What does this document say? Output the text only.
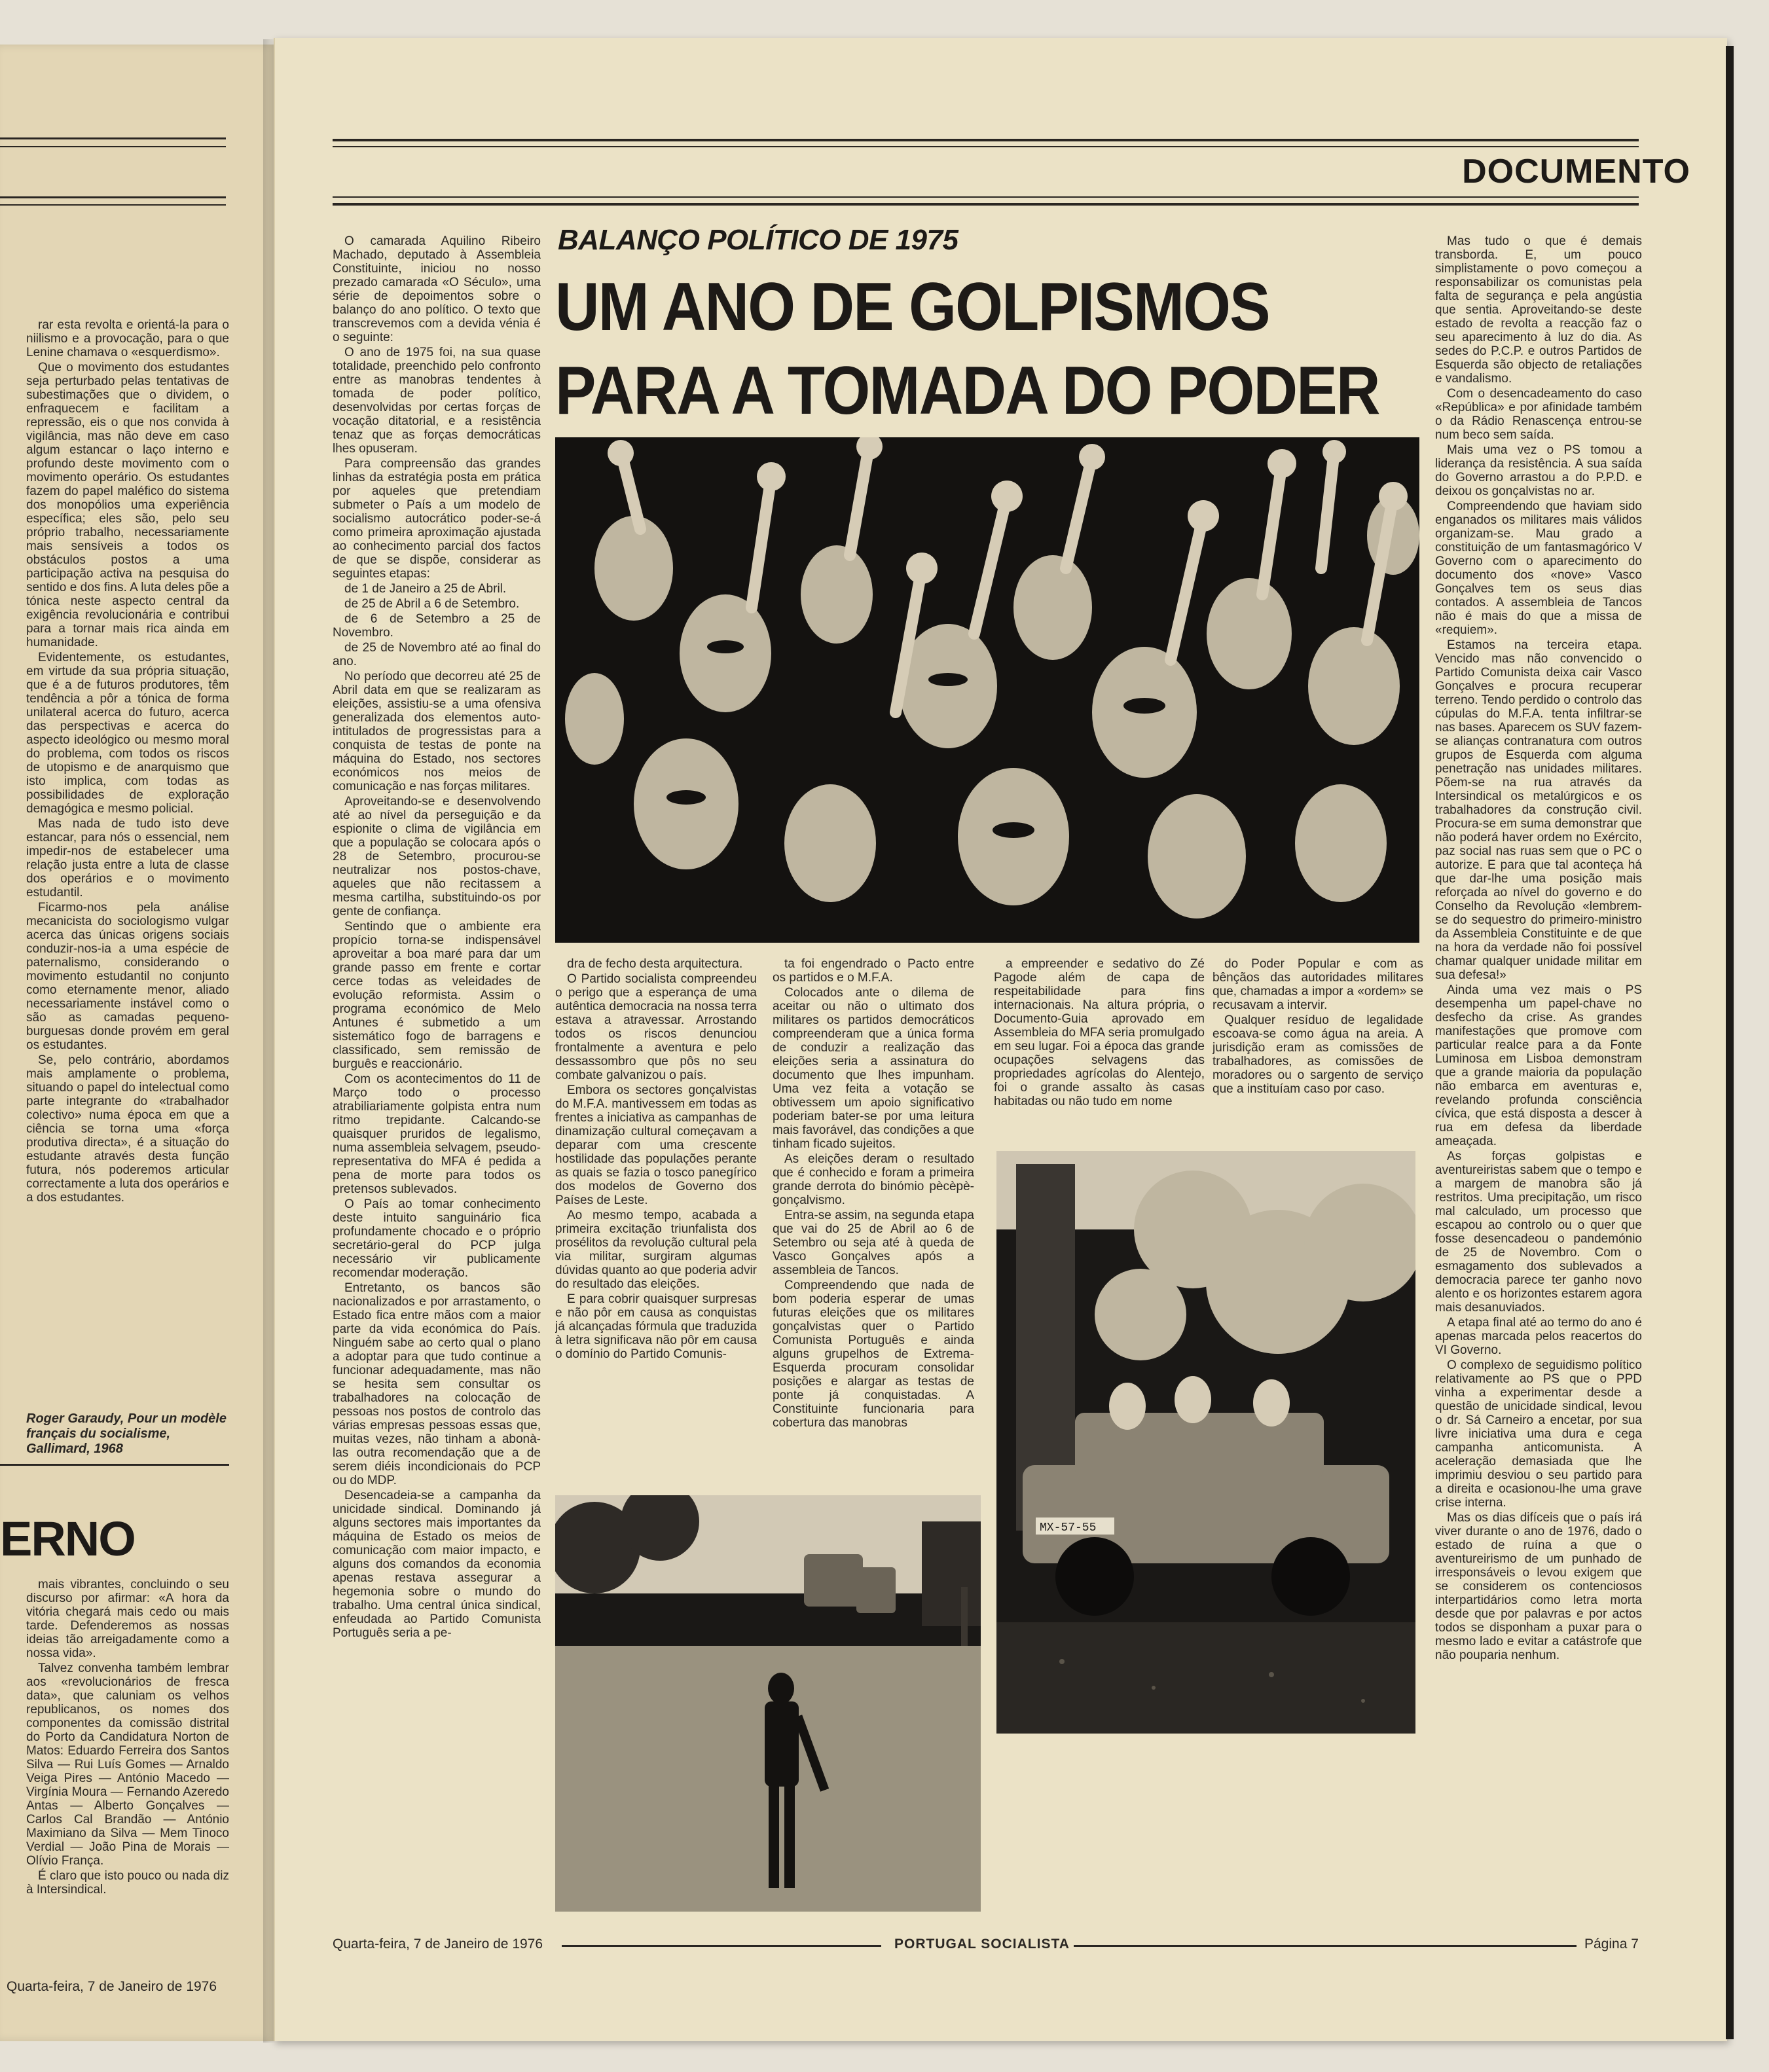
rar esta revolta e orientá-la para o niilismo e a provocação, para o que Lenine chamava o «esquerdismo».

Que o movimento dos estudantes seja perturbado pelas tentativas de subestimações que o dividem, o enfraquecem e facilitam a repressão, eis o que nos convida à vigilância, mas não deve em caso algum estancar o laço interno e profundo deste movimento com o movimento operário. Os estudantes fazem do papel maléfico do sistema dos monopólios uma experiência específica; eles são, pelo seu próprio trabalho, necessariamente mais sensíveis a todos os obstáculos postos a uma participação activa na pesquisa do sentido e dos fins. A luta deles põe a tónica neste aspecto central da exigência revolucionária e contribui para a tornar mais rica ainda em humanidade.

Evidentemente, os estudantes, em virtude da sua própria situação, que é a de futuros produtores, têm tendência a pôr a tónica de forma unilateral acerca do futuro, acerca das perspectivas e acerca do aspecto ideológico ou mesmo moral do problema, com todos os riscos de utopismo e de anarquismo que isto implica, com todas as possibilidades de exploração demagógica e mesmo policial.

Mas nada de tudo isto deve estancar, para nós o essencial, nem impedir-nos de estabelecer uma relação justa entre a luta de classe dos operários e o movimento estudantil.

Ficarmo-nos pela análise mecanicista do sociologismo vulgar acerca das únicas origens sociais conduzir-nos-ia a uma espécie de paternalismo, considerando o movimento estudantil no conjunto como eternamente menor, aliado necessariamente instável como o são as camadas pequeno-burguesas donde provém em geral os estudantes.

Se, pelo contrário, abordamos mais amplamente o problema, situando o papel do intelectual como parte integrante do «trabalhador colectivo» numa época em que a ciência se torna uma «força produtiva directa», é a situação do estudante através desta função futura, nós poderemos articular correctamente a luta dos operários e a dos estudantes.

Roger Garaudy, Pour un modèle français du socialisme, Gallimard, 1968
ERNO

mais vibrantes, concluindo o seu discurso por afirmar: «A hora da vitória chegará mais cedo ou mais tarde. Defenderemos as nossas ideias tão arreigadamente como a nossa vida».

Talvez convenha também lembrar aos «revolucionários de fresca data», que caluniam os velhos republicanos, os nomes dos componentes da comissão distrital do Porto da Candidatura Norton de Matos: Eduardo Ferreira dos Santos Silva — Rui Luís Gomes — Arnaldo Veiga Pires — António Macedo — Virgínia Moura — Fernando Azeredo Antas — Alberto Gonçalves — Carlos Cal Brandão — António Maximiano da Silva — Mem Tinoco Verdial — João Pina de Morais — Olívio França.

É claro que isto pouco ou nada diz à Intersindical.

Quarta-feira, 7 de Janeiro de 1976
DOCUMENTO
BALANÇO POLÍTICO DE 1975
UM ANO DE GOLPISMOS
PARA A TOMADA DO PODER

O camarada Aquilino Ribeiro Machado, deputado à Assembleia Constituinte, iniciou no nosso prezado camarada «O Século», uma série de depoimentos sobre o balanço do ano político. O texto que transcrevemos com a devida vénia é o seguinte:

O ano de 1975 foi, na sua quase totalidade, preenchido pelo confronto entre as manobras tendentes à tomada de poder político, desenvolvidas por certas forças de vocação ditatorial, e a resistência tenaz que as forças democráticas lhes opuseram.

Para compreensão das grandes linhas da estratégia posta em prática por aqueles que pretendiam submeter o País a um modelo de socialismo autocrático poder-se-á como primeira aproximação ajustada ao conhecimento parcial dos factos de que se dispõe, considerar as seguintes etapas:

de 1 de Janeiro a 25 de Abril.

de 25 de Abril a 6 de Setembro.

de 6 de Setembro a 25 de Novembro.

de 25 de Novembro até ao final do ano.

No período que decorreu até 25 de Abril data em que se realizaram as eleições, assistiu-se a uma ofensiva generalizada dos elementos auto-intitulados de progressistas para a conquista de testas de ponte na máquina do Estado, nos sectores económicos nos meios de comunicação e nas forças militares.

Aproveitando-se e desenvolvendo até ao nível da perseguição e da espionite o clima de vigilância em que a população se colocara após o 28 de Setembro, procurou-se neutralizar nos postos-chave, aqueles que não recitassem a mesma cartilha, substituindo-os por gente de confiança.

Sentindo que o ambiente era propício torna-se indispensável aproveitar a boa maré para dar um grande passo em frente e cortar cerce todas as veleidades de evolução reformista. Assim o programa económico de Melo Antunes é submetido a um sistemático fogo de barragens e classificado, sem remissão de burguês e reaccionário.

Com os acontecimentos do 11 de Março todo o processo atrabiliariamente golpista entra num ritmo trepidante. Calcando-se quaisquer pruridos de legalismo, numa assembleia selvagem, pseudo-representativa do MFA é pedida a pena de morte para todos os pretensos sublevados.

O País ao tomar conhecimento deste intuito sanguinário fica profundamente chocado e o próprio secretário-geral do PCP julga necessário vir publicamente recomendar moderação.

Entretanto, os bancos são nacionalizados e por arrastamento, o Estado fica entre mãos com a maior parte da vida económica do País. Ninguém sabe ao certo qual o plano a adoptar para que tudo continue a funcionar adequadamente, mas não se hesita sem consultar os trabalhadores na colocação de pessoas nos postos de controlo das várias empresas pessoas essas que, muitas vezes, não tinham a abonà-las outra recomendação que a de serem diéis incondicionais do PCP ou do MDP.

Desencadeia-se a campanha da unicidade sindical. Dominando já alguns sectores mais importantes da máquina de Estado os meios de comunicação com maior impacto, e alguns dos comandos da economia apenas restava assegurar a hegemonia sobre o mundo do trabalho. Uma central única sindical, enfeudada ao Partido Comunista Português seria a pe-

dra de fecho desta arquitectura.

O Partido socialista compreendeu o perigo que a esperança de uma autêntica democracia na nossa terra estava a atravessar. Arrostando todos os riscos denunciou frontalmente a aventura e pelo dessassombro que pôs no seu combate galvanizou o país.

Embora os sectores gonçalvistas do M.F.A. mantivessem em todas as frentes a iniciativa as campanhas de dinamização cultural começavam a deparar com uma crescente hostilidade das populações perante as quais se fazia o tosco panegírico dos modelos de Governo dos Países de Leste.

Ao mesmo tempo, acabada a primeira excitação triunfalista dos prosélitos da revolução cultural pela via militar, surgiram algumas dúvidas quanto ao que poderia advir do resultado das eleições.

E para cobrir quaisquer surpresas e não pôr em causa as conquistas já alcançadas fórmula que traduzida à letra significava não pôr em causa o domínio do Partido Comunis-

ta foi engendrado o Pacto entre os partidos e o M.F.A.

Colocados ante o dilema de aceitar ou não o ultimato dos militares os partidos democráticos compreenderam que a única forma de conduzir a realização das eleições seria a assinatura do documento que lhes impunham. Uma vez feita a votação se obtivessem um apoio significativo poderiam bater-se por uma leitura mais favorável, das condições a que tinham ficado sujeitos.

As eleições deram o resultado que é conhecido e foram a primeira grande derrota do binómio pècèpè-gonçalvismo.

Entra-se assim, na segunda etapa que vai do 25 de Abril ao 6 de Setembro ou seja até à queda de Vasco Gonçalves após a assembleia de Tancos.

Compreendendo que nada de bom poderia esperar de umas futuras eleições que os militares gonçalvistas quer o Partido Comunista Português e ainda alguns grupelhos de Extrema-Esquerda procuram consolidar posições e alargar as testas de ponte já conquistadas. A Constituinte funcionaria para cobertura das manobras

a empreender e sedativo do Zé Pagode além de capa de respeitabilidade para fins internacionais. Na altura própria, o Documento-Guia aprovado em Assembleia do MFA seria promulgado em seu lugar. Foi a época das grande ocupações selvagens das propriedades agrícolas do Alentejo, foi o grande assalto às casas habitadas ou não tudo em nome

do Poder Popular e com as bênçãos das autoridades militares que, chamadas a impor a «ordem» se recusavam a intervir.

Qualquer resíduo de legalidade escoava-se como água na areia. A jurisdição eram as comissões de trabalhadores, as comissões de moradores ou o sargento de serviço que a instituíam caso por caso.

MX-57-55

Mas tudo o que é demais transborda. E, um pouco simplistamente o povo começou a responsabilizar os comunistas pela falta de segurança e pela angústia que sentia. Aproveitando-se deste estado de revolta a reacção faz o seu aparecimento à luz do dia. As sedes do P.C.P. e outros Partidos de Esquerda são objecto de retaliações e vandalismo.

Com o desencadeamento do caso «República» e por afinidade também o da Rádio Renascença entrou-se num beco sem saída.

Mais uma vez o PS tomou a liderança da resistência. A sua saída do Governo arrastou a do P.P.D. e deixou os gonçalvistas no ar.

Compreendendo que haviam sido enganados os militares mais válidos organizam-se. Mau grado a constituição de um fantasmagórico V Governo com o aparecimento do documento dos «nove» Vasco Gonçalves tem os seus dias contados. A assembleia de Tancos não é mais do que a missa de «requiem».

Estamos na terceira etapa. Vencido mas não convencido o Partido Comunista deixa cair Vasco Gonçalves e procura recuperar terreno. Tendo perdido o controlo das cúpulas do M.F.A. tenta infiltrar-se nas bases. Aparecem os SUV fazem-se alianças contranatura com outros grupos de Esquerda com alguma penetração nas unidades militares. Põem-se na rua através da Intersindical os metalúrgicos e os trabalhadores da construção civil. Procura-se em suma demonstrar que não poderá haver ordem no Exército, paz social nas ruas sem que o PC o autorize. E para que tal aconteça há que dar-lhe uma posição mais reforçada ao nível do governo e do Conselho da Revolução «lembrem-se do sequestro do primeiro-ministro da Assembleia Constituinte e de que na hora da verdade não foi possível chamar qualquer unidade militar em sua defesa!»

Ainda uma vez mais o PS desempenha um papel-chave no desfecho da crise. As grandes manifestações que promove com particular realce para a da Fonte Luminosa em Lisboa demonstram que a grande maioria da população não embarca em aventuras e, revelando profunda consciência cívica, que está disposta a descer à rua em defesa da liberdade ameaçada.

As forças golpistas e aventureiristas sabem que o tempo e a margem de manobra são já restritos. Uma precipitação, um risco mal calculado, um processo que escapou ao controlo ou o quer que fosse desencadeou o pandemónio de 25 de Novembro. Com o esmagamento dos sublevados a democracia parece ter ganho novo alento e os horizontes estarem agora mais desanuviados.

A etapa final até ao termo do ano é apenas marcada pelos reacertos do VI Governo.

O complexo de seguidismo político relativamente ao PS que o PPD vinha a experimentar desde a questão de unicidade sindical, levou o dr. Sá Carneiro a encetar, por sua livre iniciativa uma dura e cega campanha anticomunista. A aceleração demasiada que lhe imprimiu desviou o seu partido para a direita e ocasionou-lhe uma grave crise interna.

Mas os dias difíceis que o país irá viver durante o ano de 1976, dado o estado de ruína a que o aventureirismo de um punhado de irresponsáveis o levou exigem que se considerem os contenciosos interpartidários como letra morta desde que por palavras e por actos todos se disponham a puxar para o mesmo lado e evitar a catástrofe que não pouparia nenhum.

Quarta-feira, 7 de Janeiro de 1976	PORTUGAL SOCIALISTA	Página 7
